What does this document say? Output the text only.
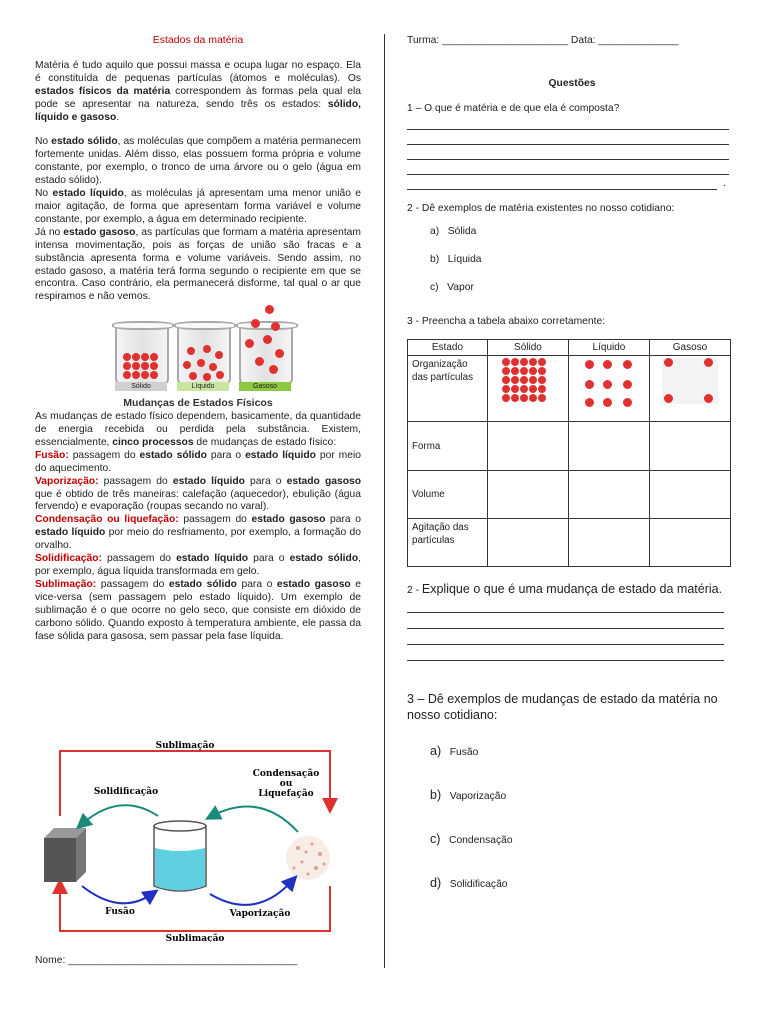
Estados da matéria

Matéria é tudo aquilo que possui massa e ocupa lugar no espaço. Ela é constituída de pequenas partículas (átomos e moléculas). Os estados físicos da matéria correspondem às formas pela qual ela pode se apresentar na natureza, sendo três os estados: sólido, líquido e gasoso.

No estado sólido, as moléculas que compõem a matéria permanecem fortemente unidas. Além disso, elas possuem forma própria e volume constante, por exemplo, o tronco de uma árvore ou o gelo (água em estado sólido).

No estado líquido, as moléculas já apresentam uma menor união e maior agitação, de forma que apresentam forma variável e volume constante, por exemplo, a água em determinado recipiente.

Já no estado gasoso, as partículas que formam a matéria apresentam intensa movimentação, pois as forças de união são fracas e a substância apresenta forma e volume variáveis. Sendo assim, no estado gasoso, a matéria terá forma segundo o recipiente em que se encontra. Caso contrário, ela permanecerá disforme, tal qual o ar que respiramos e não vemos.

Sólido	Líquido	Gasoso
Mudanças de Estados Físicos

As mudanças de estado físico dependem, basicamente, da quantidade de energia recebida ou perdida pela substância. Existem, essencialmente, cinco processos de mudanças de estado físico:

Fusão: passagem do estado sólido para o estado líquido por meio do aquecimento.

Vaporização: passagem do estado líquido para o estado gasoso que é obtido de três maneiras: calefação (aquecedor), ebulição (água fervendo) e evaporação (roupas secando no varal).

Condensação ou liquefação: passagem do estado gasoso para o estado líquido por meio do resfriamento, por exemplo, a formação do orvalho.

Solidificação: passagem do estado líquido para o estado sólido, por exemplo, água líquida transformada em gelo.

Sublimação: passagem do estado sólido para o estado gasoso e vice-versa (sem passagem pelo estado líquido). Um exemplo de sublimação é o que ocorre no gelo seco, que consiste em dióxido de carbono sólido. Quando exposto à temperatura ambiente, ele passa da fase sólida para gasosa, sem passar pela fase líquida.

Sublimação
Sublimação
Solidificação
Condensação
ou
Liquefação
Fusão	Vaporização
Nome: ________________________________________
Turma: ______________________ Data: ______________

Questões

1 – O que é matéria e de que ela é composta?
.
2 - Dê exemplos de matéria existentes no nosso cotidiano:
a) Sólida
b) Líquida
c) Vapor
3 - Preencha a tabela abaixo corretamente:
Estado	Sólido	Líquido	Gasoso
Organização das partículas	

Forma			
Volume			
Agitação das partículas			
2 - Explique o que é uma mudança de estado da matéria.
3 – Dê exemplos de mudanças de estado da matéria no nosso cotidiano:
a) Fusão
b) Vaporização
c) Condensação
d) Solidificação
